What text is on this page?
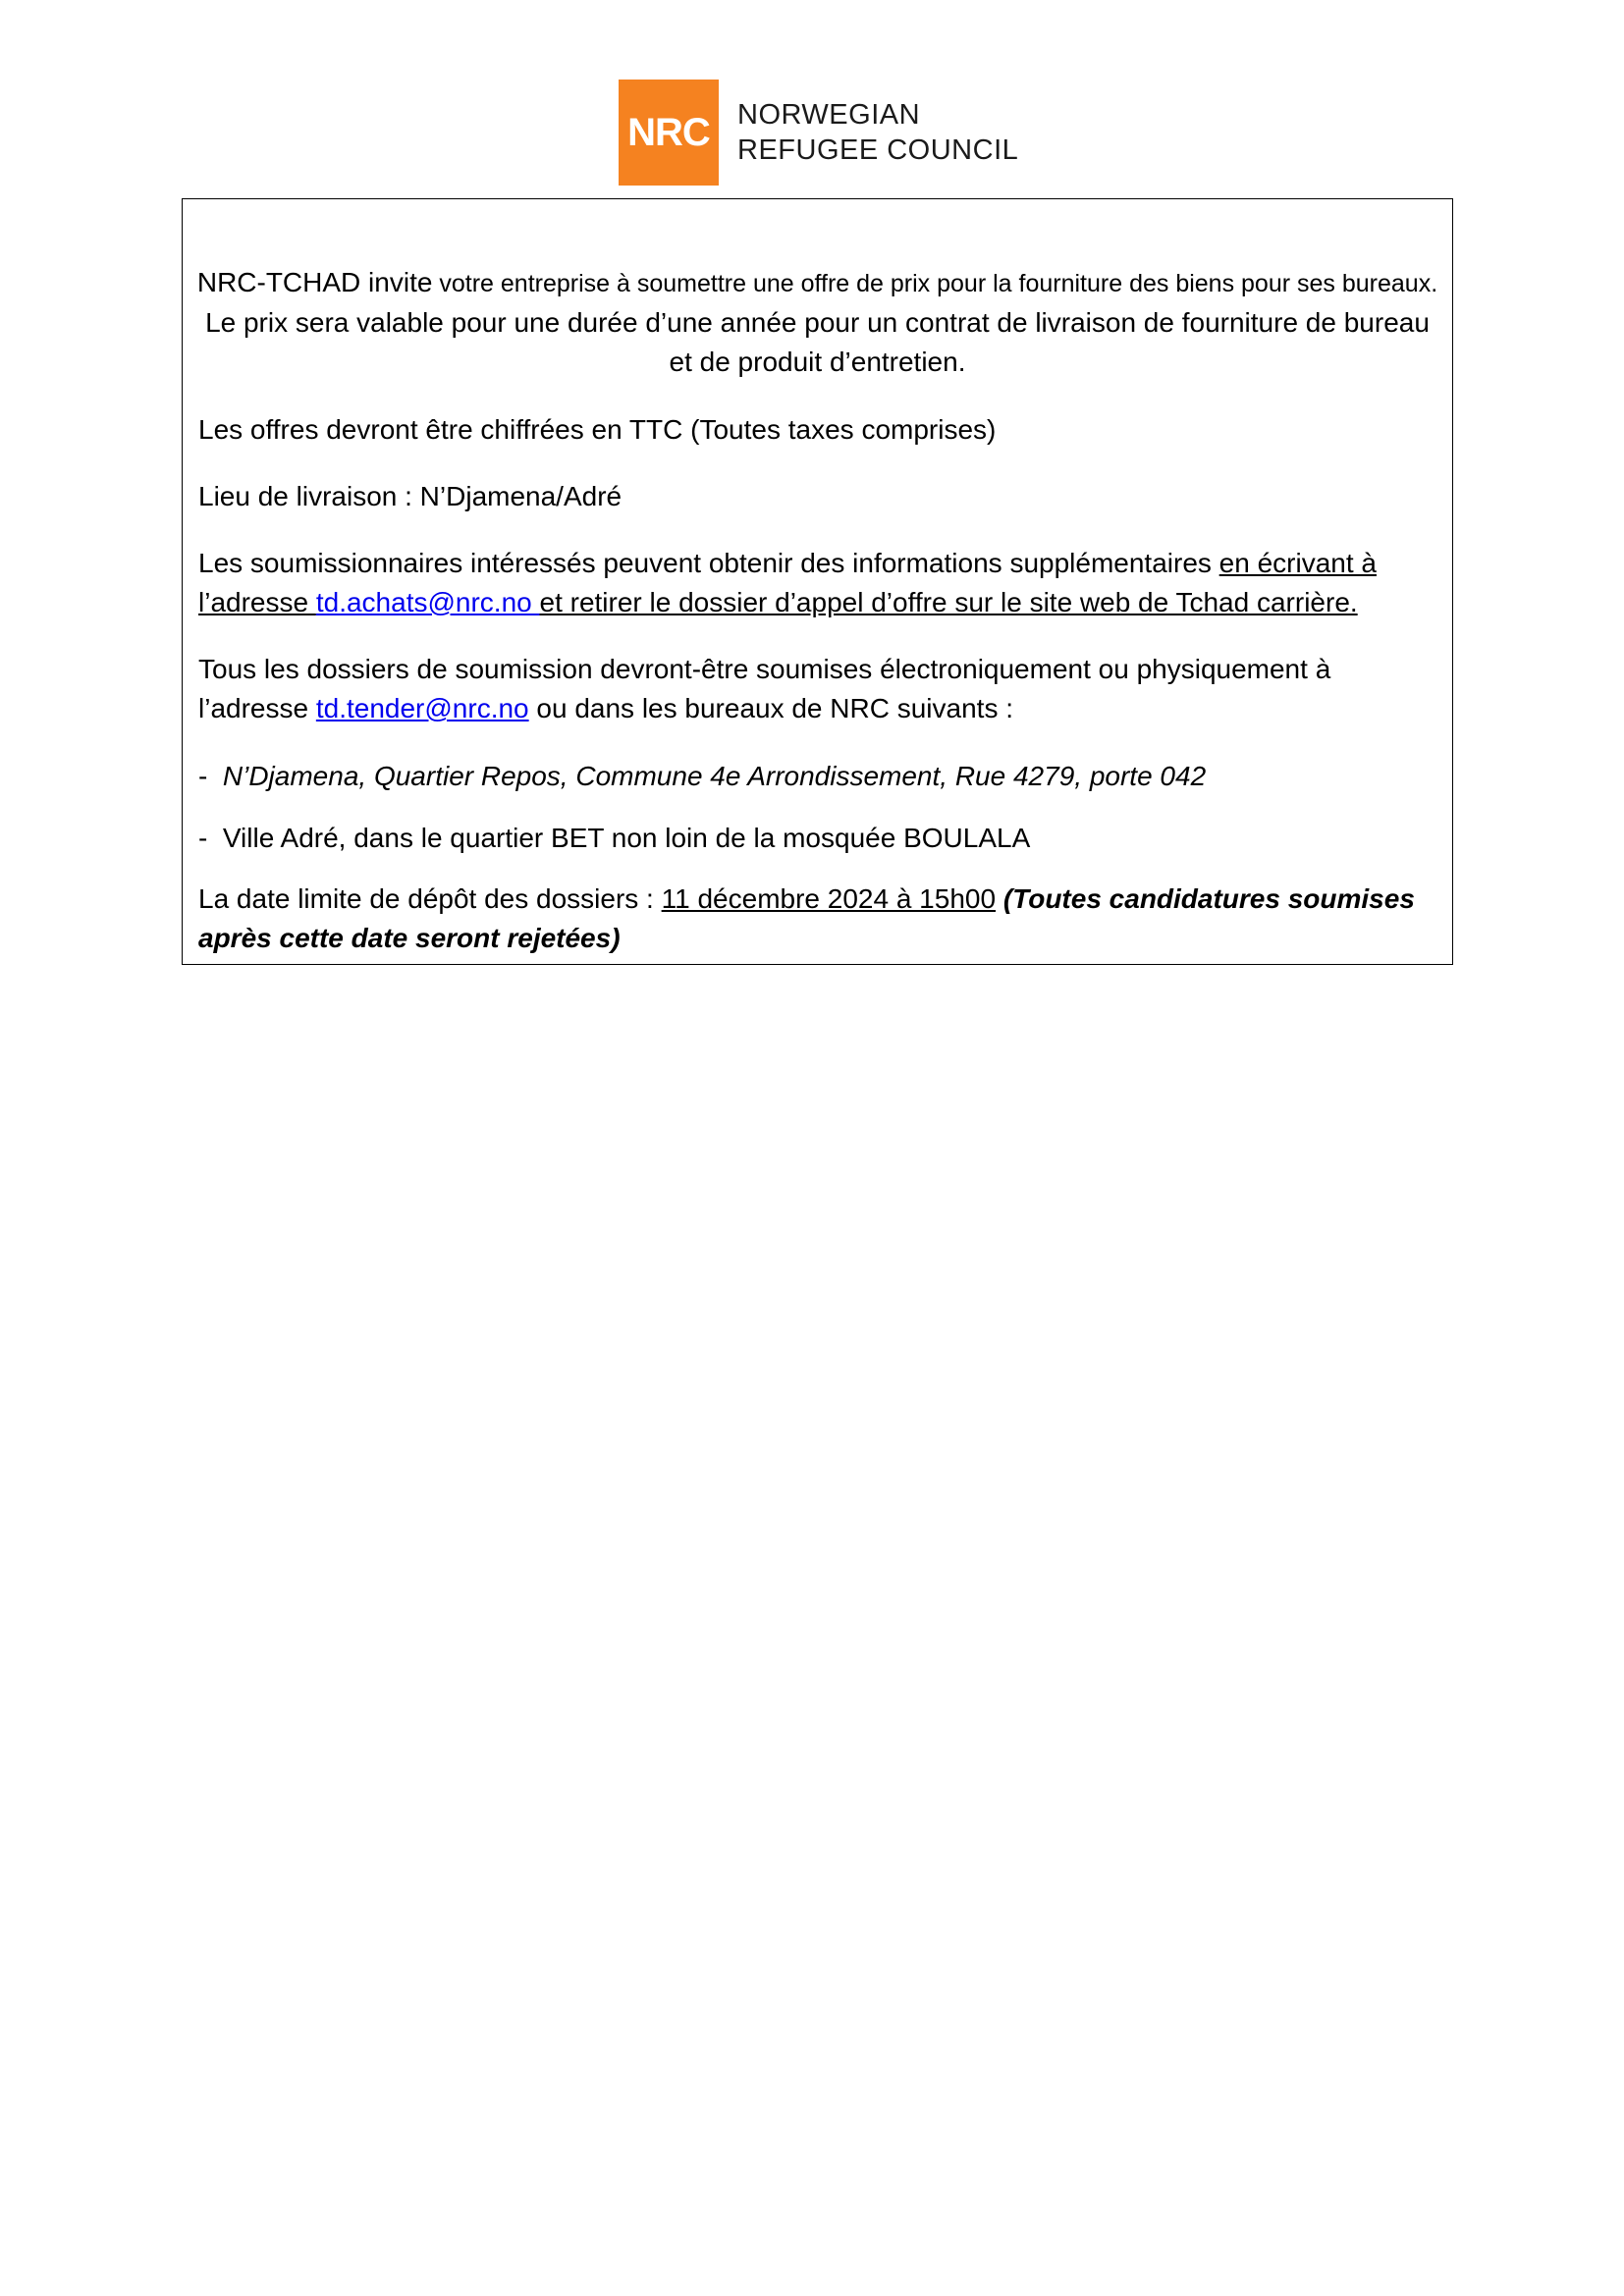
NRC NORWEGIAN
REFUGEE COUNCIL
NRC-TCHAD invite votre entreprise à soumettre une offre de prix pour la fourniture des biens pour ses bureaux. Le prix sera valable pour une durée d’une année pour un contrat de livraison de fourniture de bureau et de produit d’entretien.
Les offres devront être chiffrées en TTC (Toutes taxes comprises)
Lieu de livraison : N’Djamena/Adré
Les soumissionnaires intéressés peuvent obtenir des informations supplémentaires en écrivant à l’adresse td.achats@nrc.no et retirer le dossier d’appel d’offre sur le site web de Tchad carrière.
Tous les dossiers de soumission devront-être soumises électroniquement ou physiquement à l’adresse td.tender@nrc.no ou dans les bureaux de NRC suivants :
-  N’Djamena, Quartier Repos, Commune 4e Arrondissement, Rue 4279, porte 042
-  Ville Adré, dans le quartier BET non loin de la mosquée BOULALA
La date limite de dépôt des dossiers : 11 décembre 2024 à 15h00 (Toutes candidatures soumises après cette date seront rejetées)
